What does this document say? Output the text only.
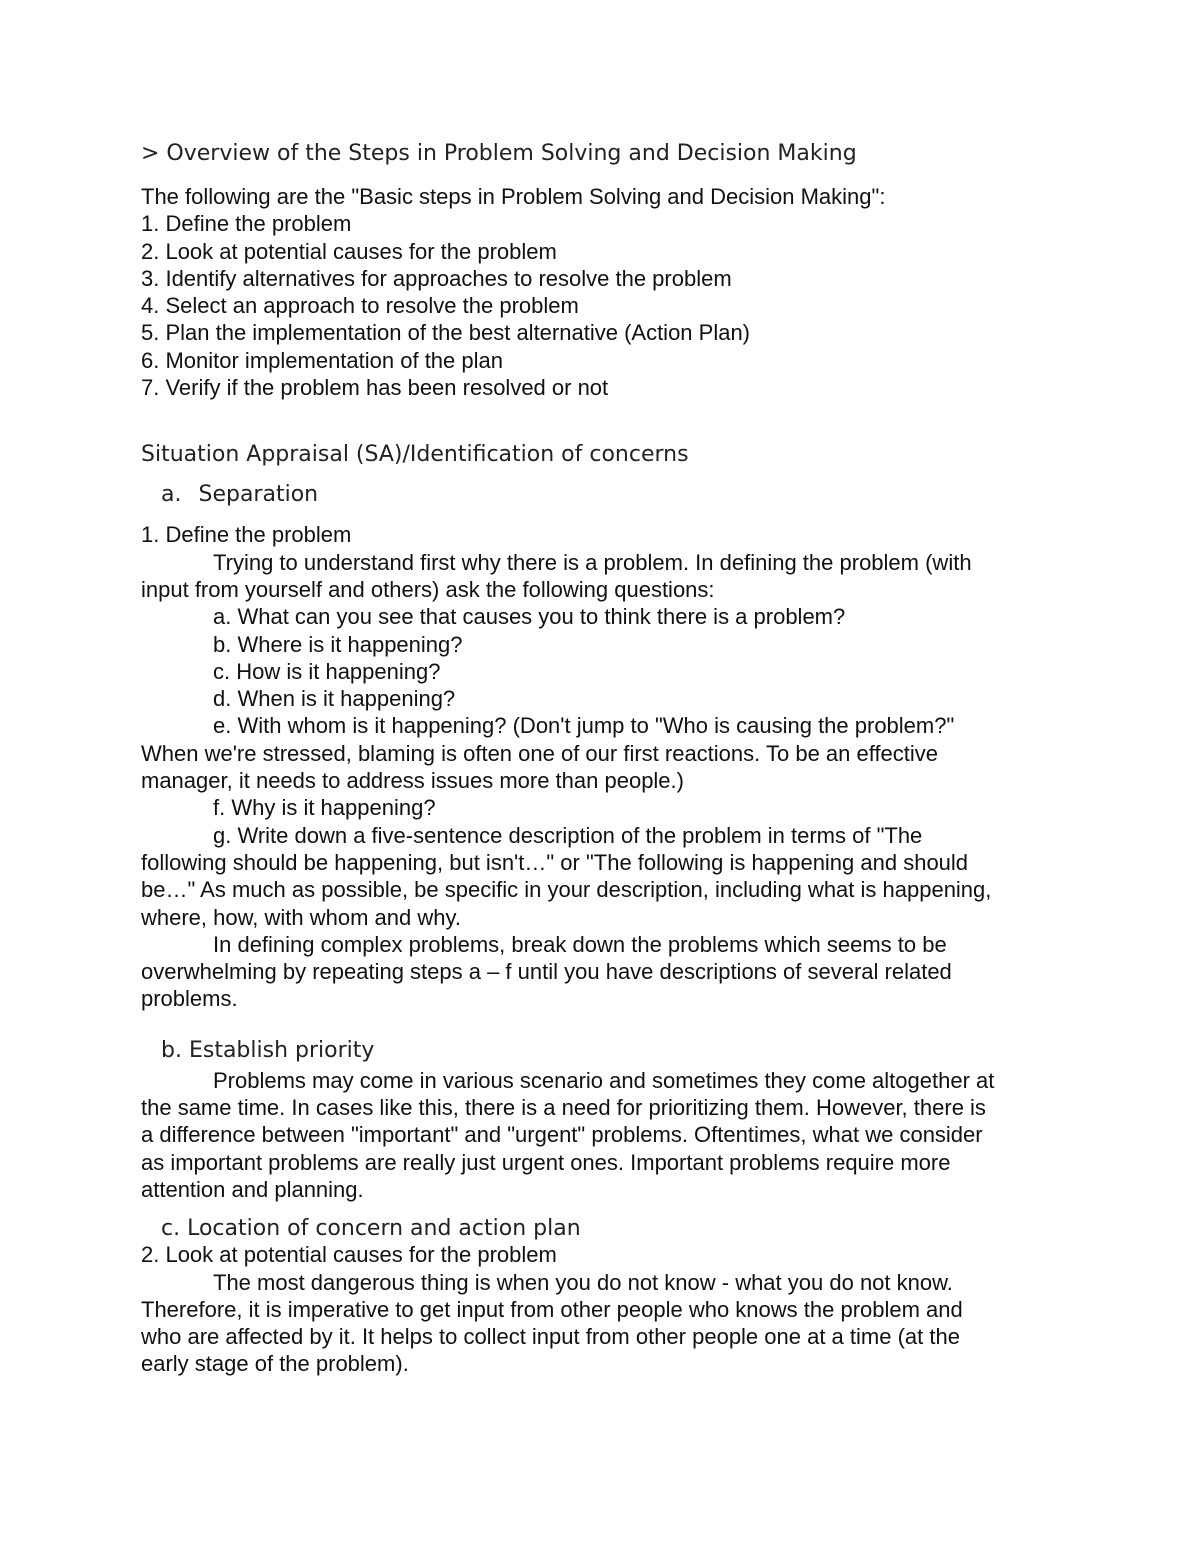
> Overview of the Steps in Problem Solving and Decision Making
The following are the "Basic steps in Problem Solving and Decision Making":
1. Define the problem
2. Look at potential causes for the problem
3. Identify alternatives for approaches to resolve the problem
4. Select an approach to resolve the problem
5. Plan the implementation of the best alternative (Action Plan)
6. Monitor implementation of the plan
7. Verify if the problem has been resolved or not
Situation Appraisal (SA)/Identification of concerns
a. Separation
1. Define the problem
Trying to understand first why there is a problem. In defining the problem (with
input from yourself and others) ask the following questions:
a. What can you see that causes you to think there is a problem?
b. Where is it happening?
c. How is it happening?
d. When is it happening?
e. With whom is it happening? (Don't jump to "Who is causing the problem?"
When we're stressed, blaming is often one of our first reactions. To be an effective
manager, it needs to address issues more than people.)
f. Why is it happening?
g. Write down a five-sentence description of the problem in terms of "The
following should be happening, but isn't…" or "The following is happening and should
be…" As much as possible, be specific in your description, including what is happening,
where, how, with whom and why.
In defining complex problems, break down the problems which seems to be
overwhelming by repeating steps a – f until you have descriptions of several related
problems.
b. Establish priority
Problems may come in various scenario and sometimes they come altogether at
the same time. In cases like this, there is a need for prioritizing them. However, there is
a difference between "important" and "urgent" problems. Oftentimes, what we consider
as important problems are really just urgent ones. Important problems require more
attention and planning.
c. Location of concern and action plan
2. Look at potential causes for the problem
The most dangerous thing is when you do not know - what you do not know.
Therefore, it is imperative to get input from other people who knows the problem and
who are affected by it. It helps to collect input from other people one at a time (at the
early stage of the problem).
